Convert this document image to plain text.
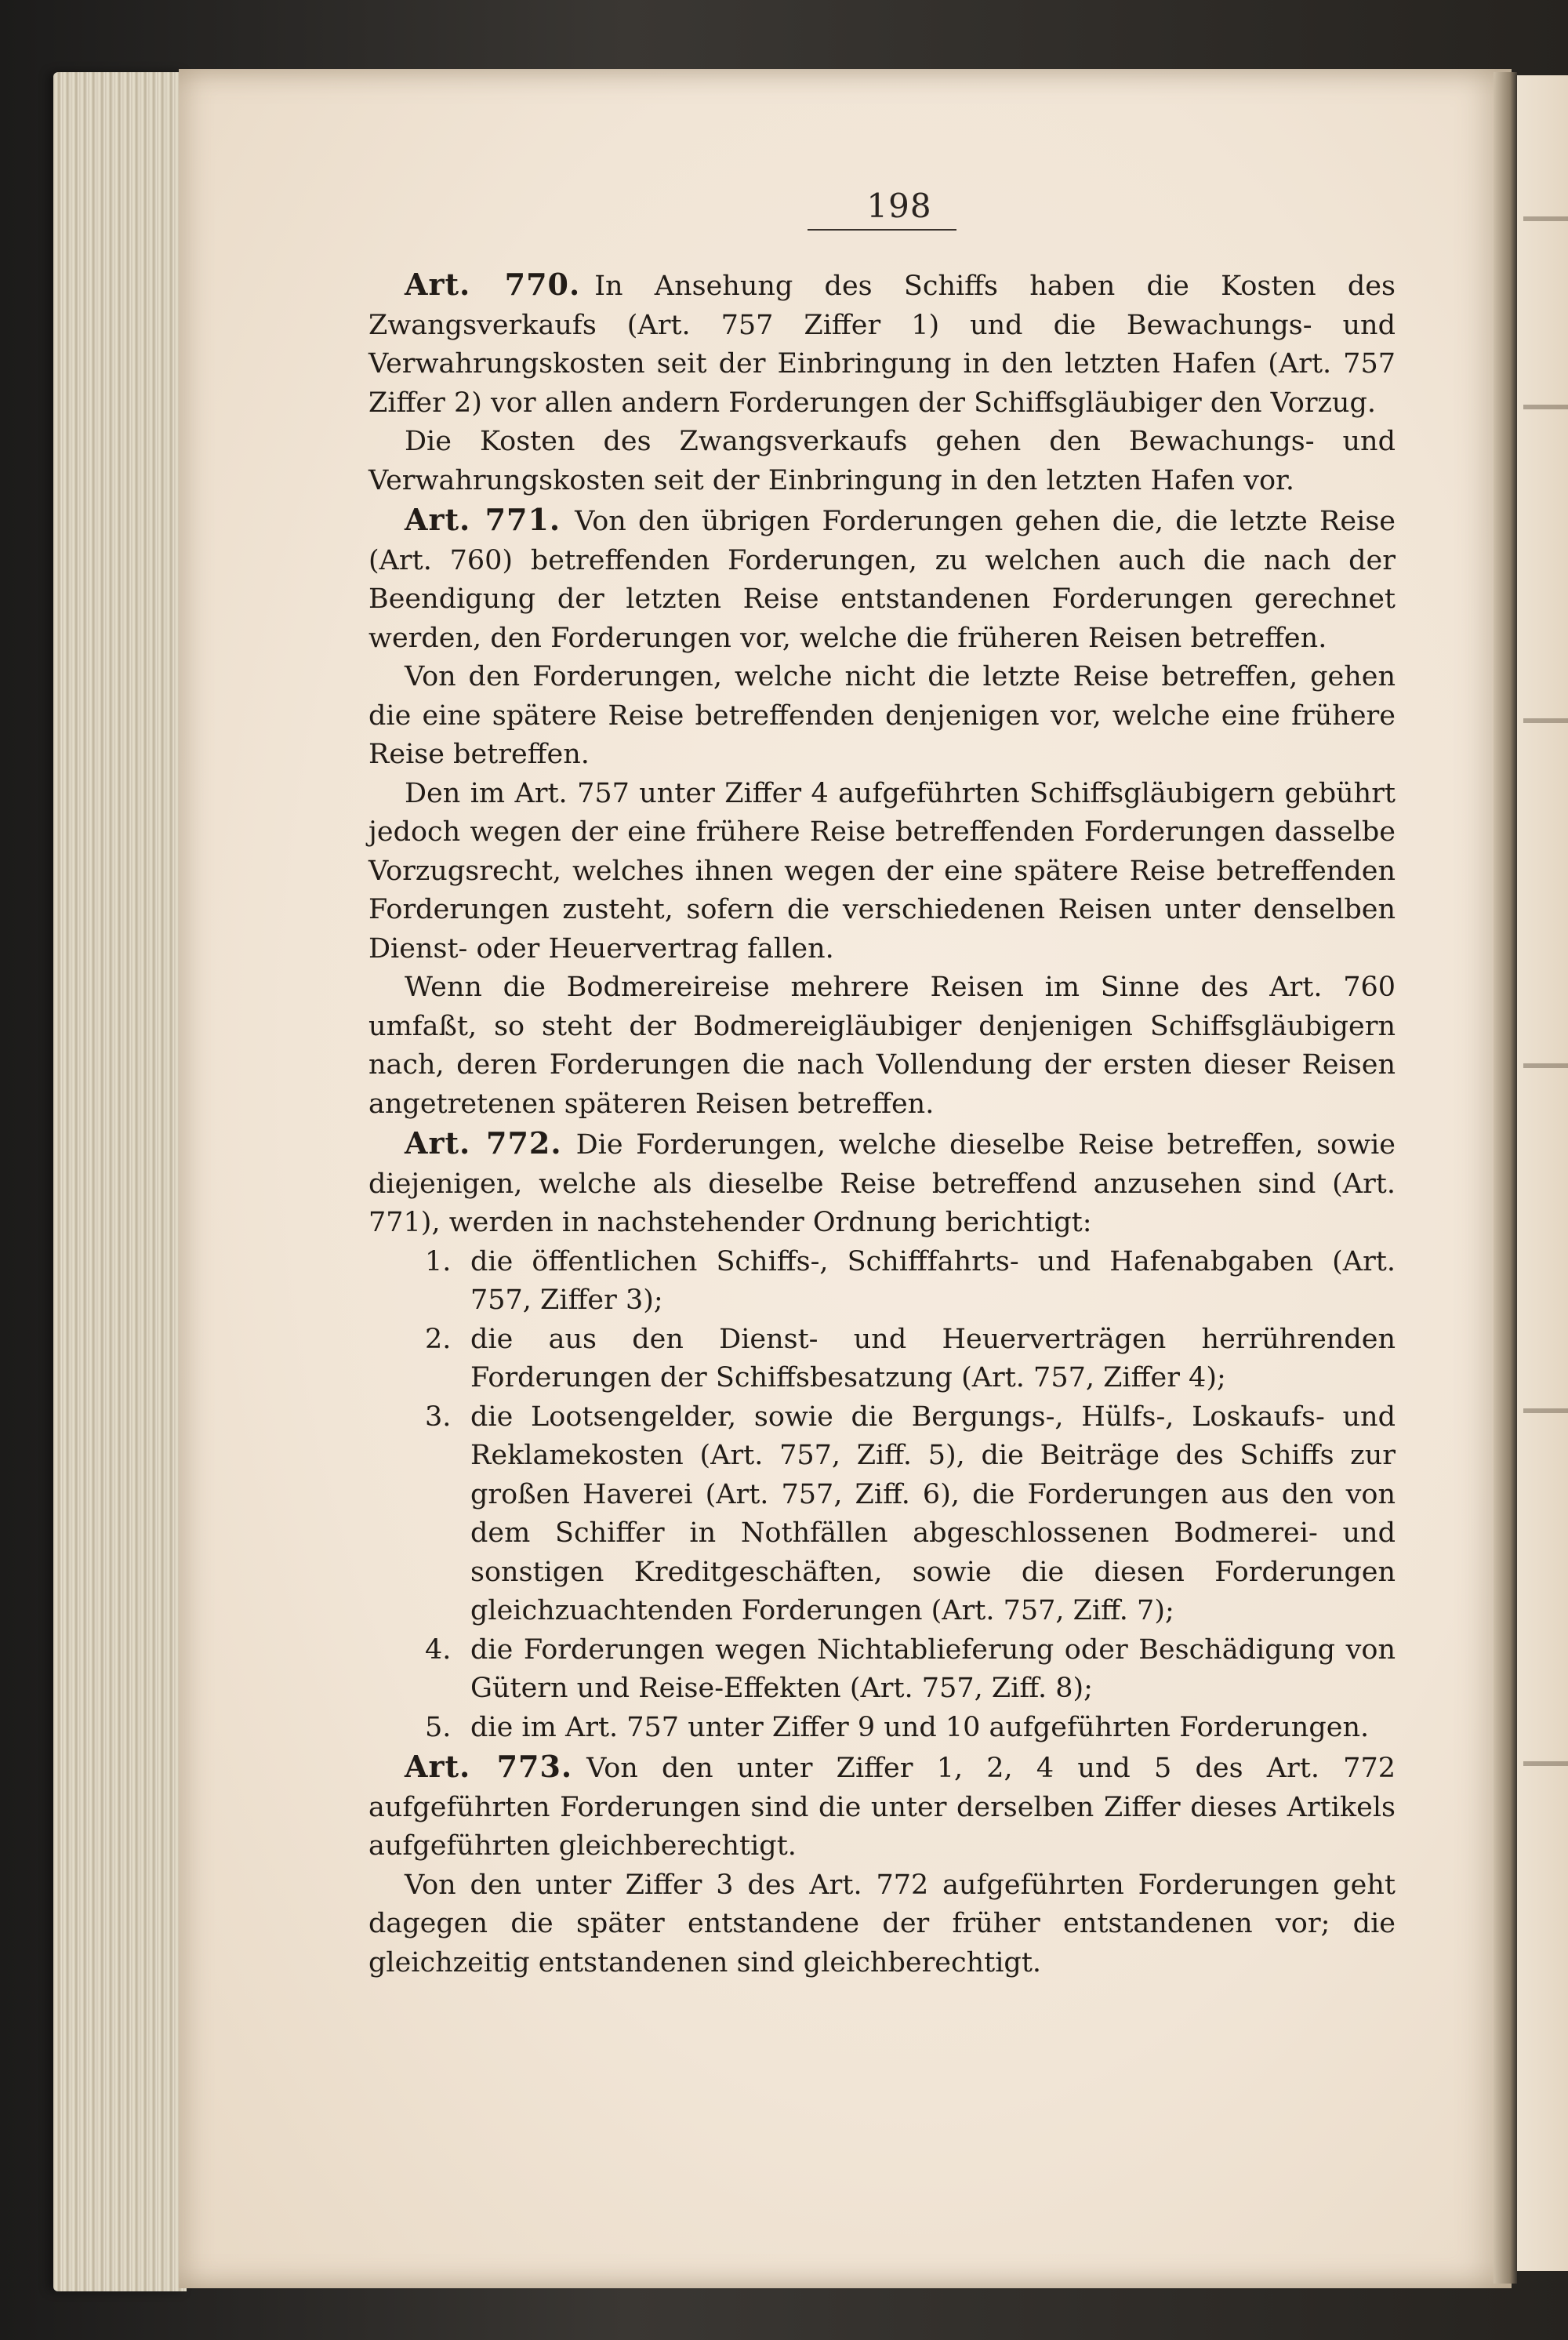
198

Art. 770. In Ansehung des Schiffs haben die Kosten des Zwangsverkaufs (Art. 757 Ziffer 1) und die Bewachungs- und Verwahrungskosten seit der Einbringung in den letzten Hafen (Art. 757 Ziffer 2) vor allen andern Forderungen der Schiffsgläubiger den Vorzug.

Die Kosten des Zwangsverkaufs gehen den Bewachungs- und Verwahrungskosten seit der Einbringung in den letzten Hafen vor.

Art. 771. Von den übrigen Forderungen gehen die, die letzte Reise (Art. 760) betreffenden Forderungen, zu welchen auch die nach der Beendigung der letzten Reise entstandenen Forderungen gerechnet werden, den Forderungen vor, welche die früheren Reisen betreffen.

Von den Forderungen, welche nicht die letzte Reise betreffen, gehen die eine spätere Reise betreffenden denjenigen vor, welche eine frühere Reise betreffen.

Den im Art. 757 unter Ziffer 4 aufgeführten Schiffsgläubigern gebührt jedoch wegen der eine frühere Reise betreffenden Forderungen dasselbe Vorzugsrecht, welches ihnen wegen der eine spätere Reise betreffenden Forderungen zusteht, sofern die verschiedenen Reisen unter denselben Dienst- oder Heuervertrag fallen.

Wenn die Bodmereireise mehrere Reisen im Sinne des Art. 760 umfaßt, so steht der Bodmereigläubiger denjenigen Schiffsgläubigern nach, deren Forderungen die nach Vollendung der ersten dieser Reisen angetretenen späteren Reisen betreffen.

Art. 772. Die Forderungen, welche dieselbe Reise betreffen, sowie diejenigen, welche als dieselbe Reise betreffend anzusehen sind (Art. 771), werden in nachstehender Ordnung berichtigt:

1. die öffentlichen Schiffs-, Schifffahrts- und Hafenabgaben (Art. 757, Ziffer 3);
2. die aus den Dienst- und Heuerverträgen herrührenden Forderungen der Schiffsbesatzung (Art. 757, Ziffer 4);
3. die Lootsengelder, sowie die Bergungs-, Hülfs-, Loskaufs- und Reklamekosten (Art. 757, Ziff. 5), die Beiträge des Schiffs zur großen Haverei (Art. 757, Ziff. 6), die Forderungen aus den von dem Schiffer in Nothfällen abgeschlossenen Bodmerei- und sonstigen Kreditgeschäften, sowie die diesen Forderungen gleichzuachtenden Forderungen (Art. 757, Ziff. 7);
4. die Forderungen wegen Nichtablieferung oder Beschädigung von Gütern und Reise-Effekten (Art. 757, Ziff. 8);
5. die im Art. 757 unter Ziffer 9 und 10 aufgeführten Forderungen.

Art. 773. Von den unter Ziffer 1, 2, 4 und 5 des Art. 772 aufgeführten Forderungen sind die unter derselben Ziffer dieses Artikels aufgeführten gleichberechtigt.

Von den unter Ziffer 3 des Art. 772 aufgeführten Forderungen geht dagegen die später entstandene der früher entstandenen vor; die gleichzeitig entstandenen sind gleichberechtigt.
